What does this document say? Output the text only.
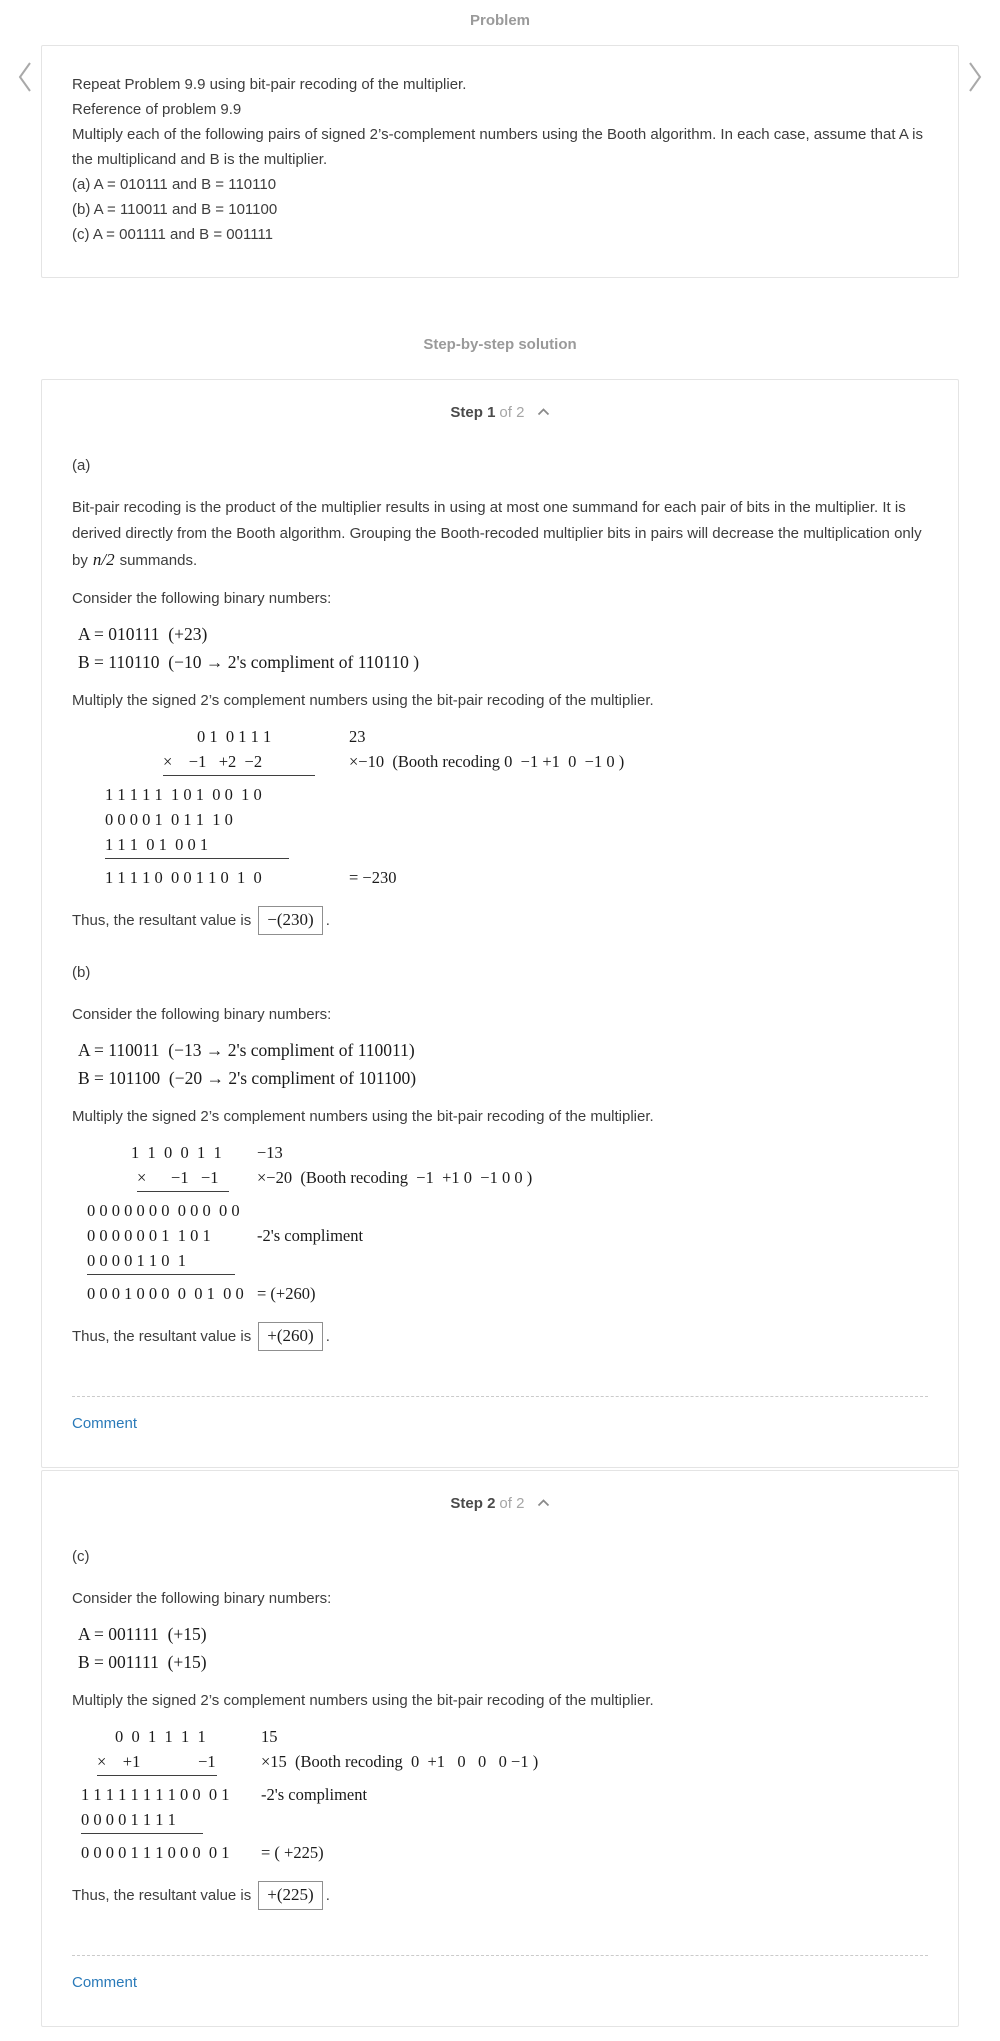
Problem

Repeat Problem 9.9 using bit-pair recoding of the multiplier.

Reference of problem 9.9

Multiply each of the following pairs of signed 2’s-complement numbers using the Booth algorithm. In each case, assume that A is the multiplicand and B is the multiplier.

(a) A = 010111 and B = 110110

(b) A = 110011 and B = 101100

(c) A = 001111 and B = 001111

Step-by-step solution
Step 1 of 2

(a)

Bit-pair recoding is the product of the multiplier results in using at most one summand for each pair of bits in the multiplier. It is derived directly from the Booth algorithm. Grouping the Booth-recoded multiplier bits in pairs will decrease the multiplication only by n/2 summands.

Consider the following binary numbers:

A = 010111  (+23)
B = 110110  (−10 → 2's compliment of 110110 )

Multiply the signed 2’s complement numbers using the bit-pair recoding of the multiplier.

0 1  0 1 1 1	23
×    −1   +2  −2	×−10  (Booth recoding 0  −1 +1  0  −1 0 )
1 1 1 1 1  1 0 1  0 0  1 0
0 0 0 0 1  0 1 1  1 0
1 1 1  0 1  0 0 1
1 1 1 1 0  0 0 1 1 0  1  0	= −230

Thus, the resultant value is −(230) .

(b)

Consider the following binary numbers:

A = 110011  (−13 → 2's compliment of 110011)
B = 101100  (−20 → 2's compliment of 101100)

Multiply the signed 2’s complement numbers using the bit-pair recoding of the multiplier.

1  1  0  0  1  1 −13
×      −1   −1 ×−20  (Booth recoding  −1  +1 0  −1 0 0 )
0 0 0 0 0 0 0  0 0 0  0 0
0 0 0 0 0 0 1  1 0 1	-2's compliment
0 0 0 0 1 1 0  1
0 0 0 1 0 0 0  0  0 1  0 0 = (+260)

Thus, the resultant value is +(260) .

Comment
Step 2 of 2

(c)

Consider the following binary numbers:

A = 001111  (+15)
B = 001111  (+15)

Multiply the signed 2’s complement numbers using the bit-pair recoding of the multiplier.

0  0  1  1  1  1	15
×    +1              −1	×15  (Booth recoding  0  +1   0   0   0 −1 )
1 1 1 1 1 1 1 1 0 0  0 1 -2's compliment
0 0 0 0 1 1 1 1
0 0 0 0 1 1 1 0 0 0  0 1 = ( +225)

Thus, the resultant value is +(225) .

Comment
